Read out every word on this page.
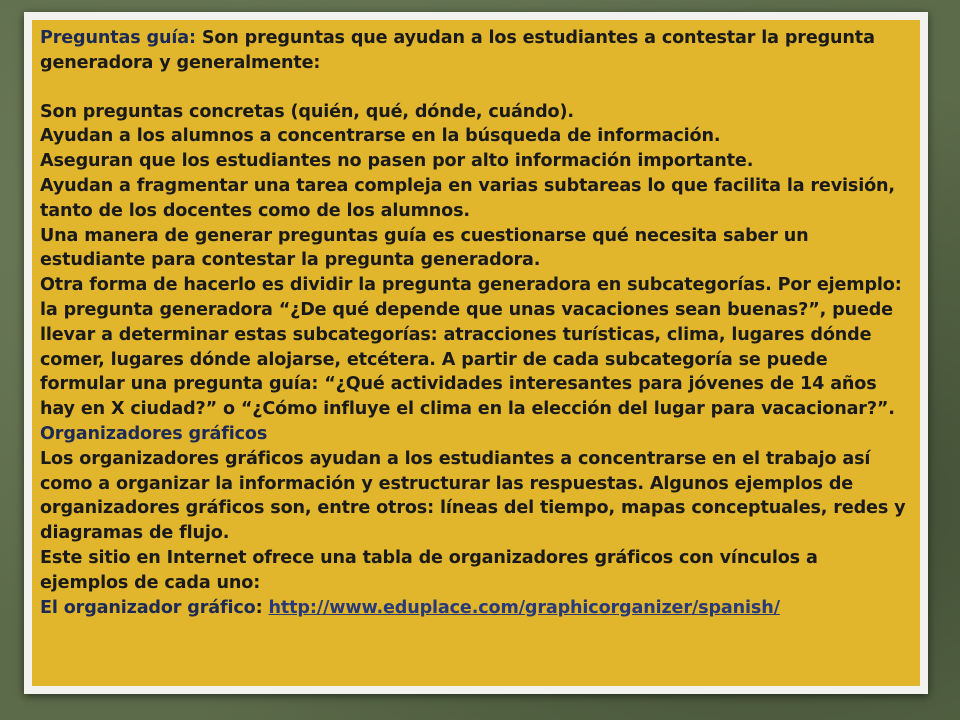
Preguntas guía: Son preguntas que ayudan a los estudiantes a contestar la pregunta generadora y generalmente:

Son preguntas concretas (quién, qué, dónde, cuándo).

Ayudan a los alumnos a concentrarse en la búsqueda de información.

Aseguran que los estudiantes no pasen por alto información importante.

Ayudan a fragmentar una tarea compleja en varias subtareas lo que facilita la revisión, tanto de los docentes como de los alumnos.

Una manera de generar preguntas guía es cuestionarse qué necesita saber un estudiante para contestar la pregunta generadora.

Otra forma de hacerlo es dividir la pregunta generadora en subcategorías. Por ejemplo: la pregunta generadora “¿De qué depende que unas vacaciones sean buenas?”, puede llevar a determinar estas subcategorías: atracciones turísticas, clima, lugares dónde comer, lugares dónde alojarse, etcétera. A partir de cada subcategoría se puede formular una pregunta guía: “¿Qué actividades interesantes para jóvenes de 14 años hay en X ciudad?” o “¿Cómo influye el clima en la elección del lugar para vacacionar?”.

Organizadores gráficos

Los organizadores gráficos ayudan a los estudiantes a concentrarse en el trabajo así como a organizar la información y estructurar las respuestas. Algunos ejemplos de organizadores gráficos son, entre otros: líneas del tiempo, mapas conceptuales, redes y diagramas de flujo.

Este sitio en Internet ofrece una tabla de organizadores gráficos con vínculos a ejemplos de cada uno:

El organizador gráfico: http://www.eduplace.com/graphicorganizer/spanish/
